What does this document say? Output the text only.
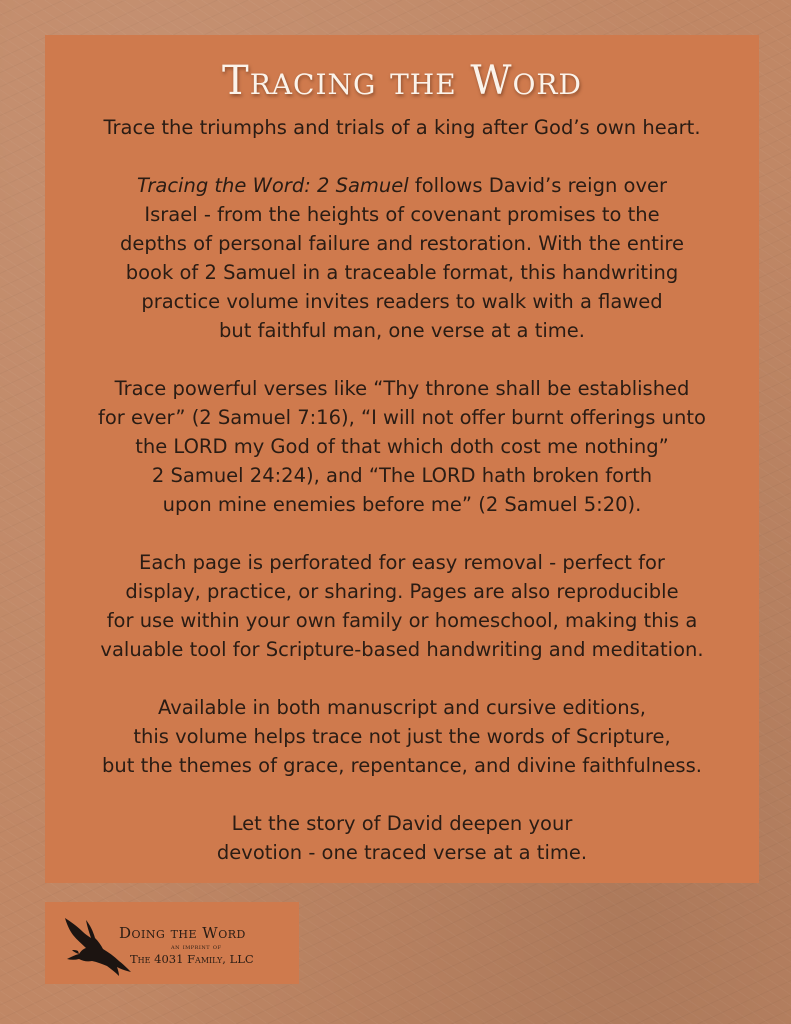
Tracing the Word

Trace the triumphs and trials of a king after God’s own heart.

Tracing the Word: 2 Samuel follows David’s reign over
Israel - from the heights of covenant promises to the
depths of personal failure and restoration. With the entire
book of 2 Samuel in a traceable format, this handwriting
practice volume invites readers to walk with a flawed
but faithful man, one verse at a time.

Trace powerful verses like “Thy throne shall be established
for ever” (2 Samuel 7:16), “I will not offer burnt offerings unto
the LORD my God of that which doth cost me nothing”
2 Samuel 24:24), and “The LORD hath broken forth
upon mine enemies before me” (2 Samuel 5:20).

Each page is perforated for easy removal - perfect for
display, practice, or sharing. Pages are also reproducible
for use within your own family or homeschool, making this a
valuable tool for Scripture-based handwriting and meditation.

Available in both manuscript and cursive editions,
this volume helps trace not just the words of Scripture,
but the themes of grace, repentance, and divine faithfulness.

Let the story of David deepen your
devotion - one traced verse at a time.

Doing the Word
an imprint of
The 4031 Family, LLC
